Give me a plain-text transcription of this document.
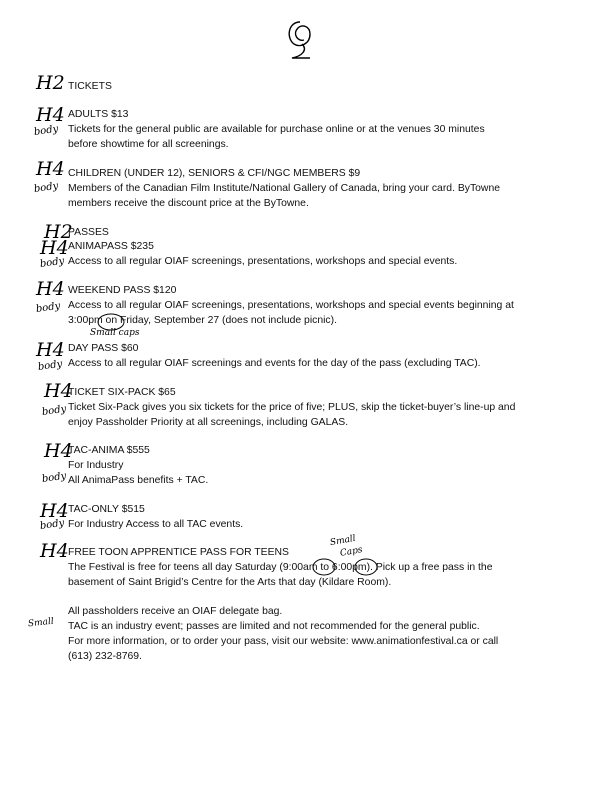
H2
H4
body
H4
body
H2
H4
body
H4
body
Small caps
H4
body
H4
body
H4
body
H4
body
H4	Small
Caps
Small
TICKETS
ADULTS $13
Tickets for the general public are available for purchase online or at the venues 30 minutes
before showtime for all screenings.
CHILDREN (UNDER 12), SENIORS & CFI/NGC MEMBERS $9
Members of the Canadian Film Institute/National Gallery of Canada, bring your card. ByTowne
members receive the discount price at the ByTowne.
PASSES
ANIMAPASS $235
Access to all regular OIAF screenings, presentations, workshops and special events.
WEEKEND PASS $120
Access to all regular OIAF screenings, presentations, workshops and special events beginning at
3:00pm on Friday, September 27 (does not include picnic).
DAY PASS $60
Access to all regular OIAF screenings and events for the day of the pass (excluding TAC).
TICKET SIX-PACK $65
Ticket Six-Pack gives you six tickets for the price of five; PLUS, skip the ticket-buyer’s line-up and
enjoy Passholder Priority at all screenings, including GALAS.
TAC-ANIMA $555
For Industry
All AnimaPass benefits + TAC.
TAC-ONLY $515
For Industry Access to all TAC events.
FREE TOON APPRENTICE PASS FOR TEENS
The Festival is free for teens all day Saturday (9:00am to 6:00pm). Pick up a free pass in the
basement of Saint Brigid’s Centre for the Arts that day (Kildare Room).
All passholders receive an OIAF delegate bag.
TAC is an industry event; passes are limited and not recommended for the general public.
For more information, or to order your pass, visit our website: www.animationfestival.ca or call
(613) 232-8769.
